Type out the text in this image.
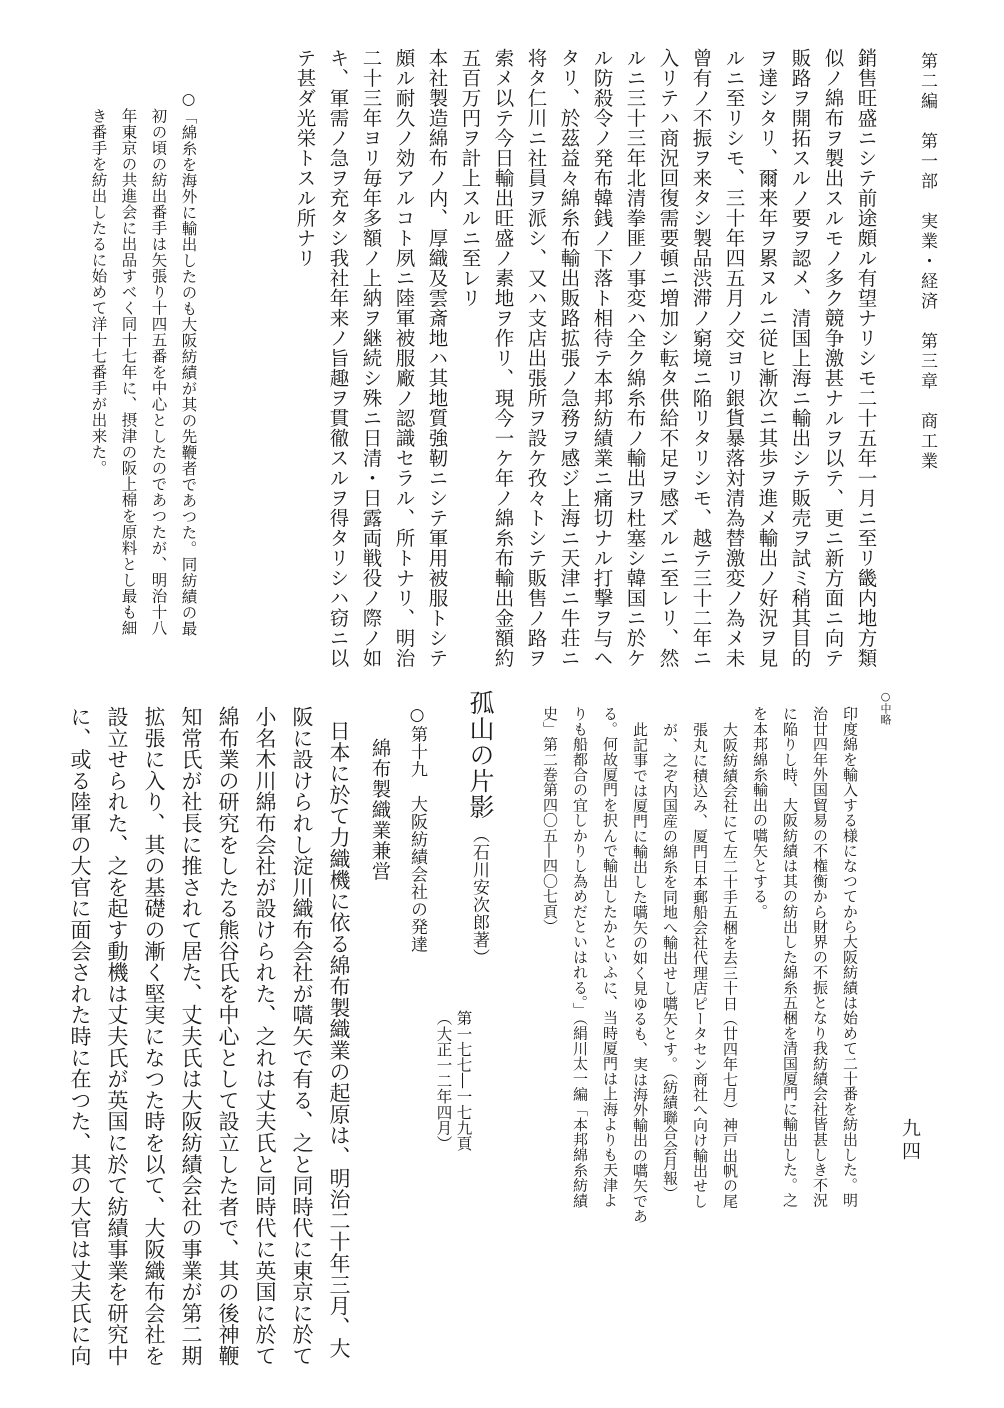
第二編　第一部　実業・経済　第三章　商工業
九四
銷售旺盛ニシテ前途頗ル有望ナリシモ二十五年一月ニ至リ畿内地方類
似ノ綿布ヲ製出スルモノ多ク競争激甚ナルヲ以テ、更ニ新方面ニ向テ
販路ヲ開拓スルノ要ヲ認メ、清国上海ニ輸出シテ販売ヲ試ミ稍其目的
ヲ達シタリ、爾来年ヲ累ヌルニ従ヒ漸次ニ其歩ヲ進メ輸出ノ好況ヲ見
ルニ至リシモ、三十年四五月ノ交ヨリ銀貨暴落対清為替激変ノ為メ未
曾有ノ不振ヲ来タシ製品渋滞ノ窮境ニ陥リタリシモ、越テ三十二年ニ
入リテハ商況回復需要頓ニ増加シ転タ供給不足ヲ感ズルニ至レリ、然
ルニ三十三年北清拳匪ノ事変ハ全ク綿糸布ノ輸出ヲ杜塞シ韓国ニ於ケ
ル防殺令ノ発布韓銭ノ下落ト相待テ本邦紡績業ニ痛切ナル打撃ヲ与ヘ
タリ、於茲益々綿糸布輸出販路拡張ノ急務ヲ感ジ上海ニ天津ニ牛荘ニ
将タ仁川ニ社員ヲ派シ、又ハ支店出張所ヲ設ケ孜々トシテ販售ノ路ヲ
索メ以テ今日輸出旺盛ノ素地ヲ作リ、現今一ケ年ノ綿糸布輸出金額約
五百万円ヲ計上スルニ至レリ
本社製造綿布ノ内、厚織及雲斎地ハ其地質強靭ニシテ軍用被服トシテ
頗ル耐久ノ効アルコト夙ニ陸軍被服廠ノ認識セラル、所トナリ、明治
二十三年ヨリ毎年多額ノ上納ヲ継続シ殊ニ日清・日露両戦役ノ際ノ如
キ、軍需ノ急ヲ充タシ我社年来ノ旨趣ヲ貫徹スルヲ得タリシハ窃ニ以
テ甚ダ光栄トスル所ナリ
○「綿糸を海外に輸出したのも大阪紡績が其の先鞭者であつた。同紡績の最
初の頃の紡出番手は矢張り十四五番を中心としたのであつたが、明治十八
年東京の共進会に出品すべく同十七年に、摂津の阪上棉を原料とし最も細
き番手を紡出したるに始めて洋十七番手が出来た。
○中略
印度綿を輸入する様になつてから大阪紡績は始めて二十番を紡出した。明
治廿四年外国貿易の不権衡から財界の不振となり我紡績会社皆甚しき不況
に陥りし時、大阪紡績は其の紡出した綿糸五梱を清国厦門に輸出した。之
を本邦綿糸輸出の嚆矢とする。
大阪紡績会社にて左二十手五梱を去三十日（廿四年七月）神戸出帆の尾
張丸に積込み、厦門日本郵船会社代理店ピータセン商社へ向け輸出せし
が、之ぞ内国産の綿糸を同地へ輸出せし嚆矢とす。（紡績聯合会月報）
此記事では厦門に輸出した嚆矢の如く見ゆるも、実は海外輸出の嚆矢であ
る。何故厦門を択んで輸出したかといふに、当時厦門は上海よりも天津よ
りも船都合の宜しかりし為めだといはれる。」（絹川太一編「本邦綿糸紡績
史」第二巻第四〇五―四〇七頁）
孤山の片影
（石川安次郎著）
第一七七―一七九頁
（大正一二年四月）
○第十九　大阪紡績会社の発達
綿布製織業兼営
日本に於て力織機に依る綿布製織業の起原は、明治二十年三月、大
阪に設けられし淀川織布会社が嚆矢で有る、之と同時代に東京に於て
小名木川綿布会社が設けられた、之れは丈夫氏と同時代に英国に於て
綿布業の研究をしたる熊谷氏を中心として設立した者で、其の後神鞭
知常氏が社長に推されて居た、丈夫氏は大阪紡績会社の事業が第二期
拡張に入り、其の基礎の漸く堅実になつた時を以て、大阪織布会社を
設立せられた、之を起す動機は丈夫氏が英国に於て紡績事業を研究中
に、或る陸軍の大官に面会された時に在つた、其の大官は丈夫氏に向
